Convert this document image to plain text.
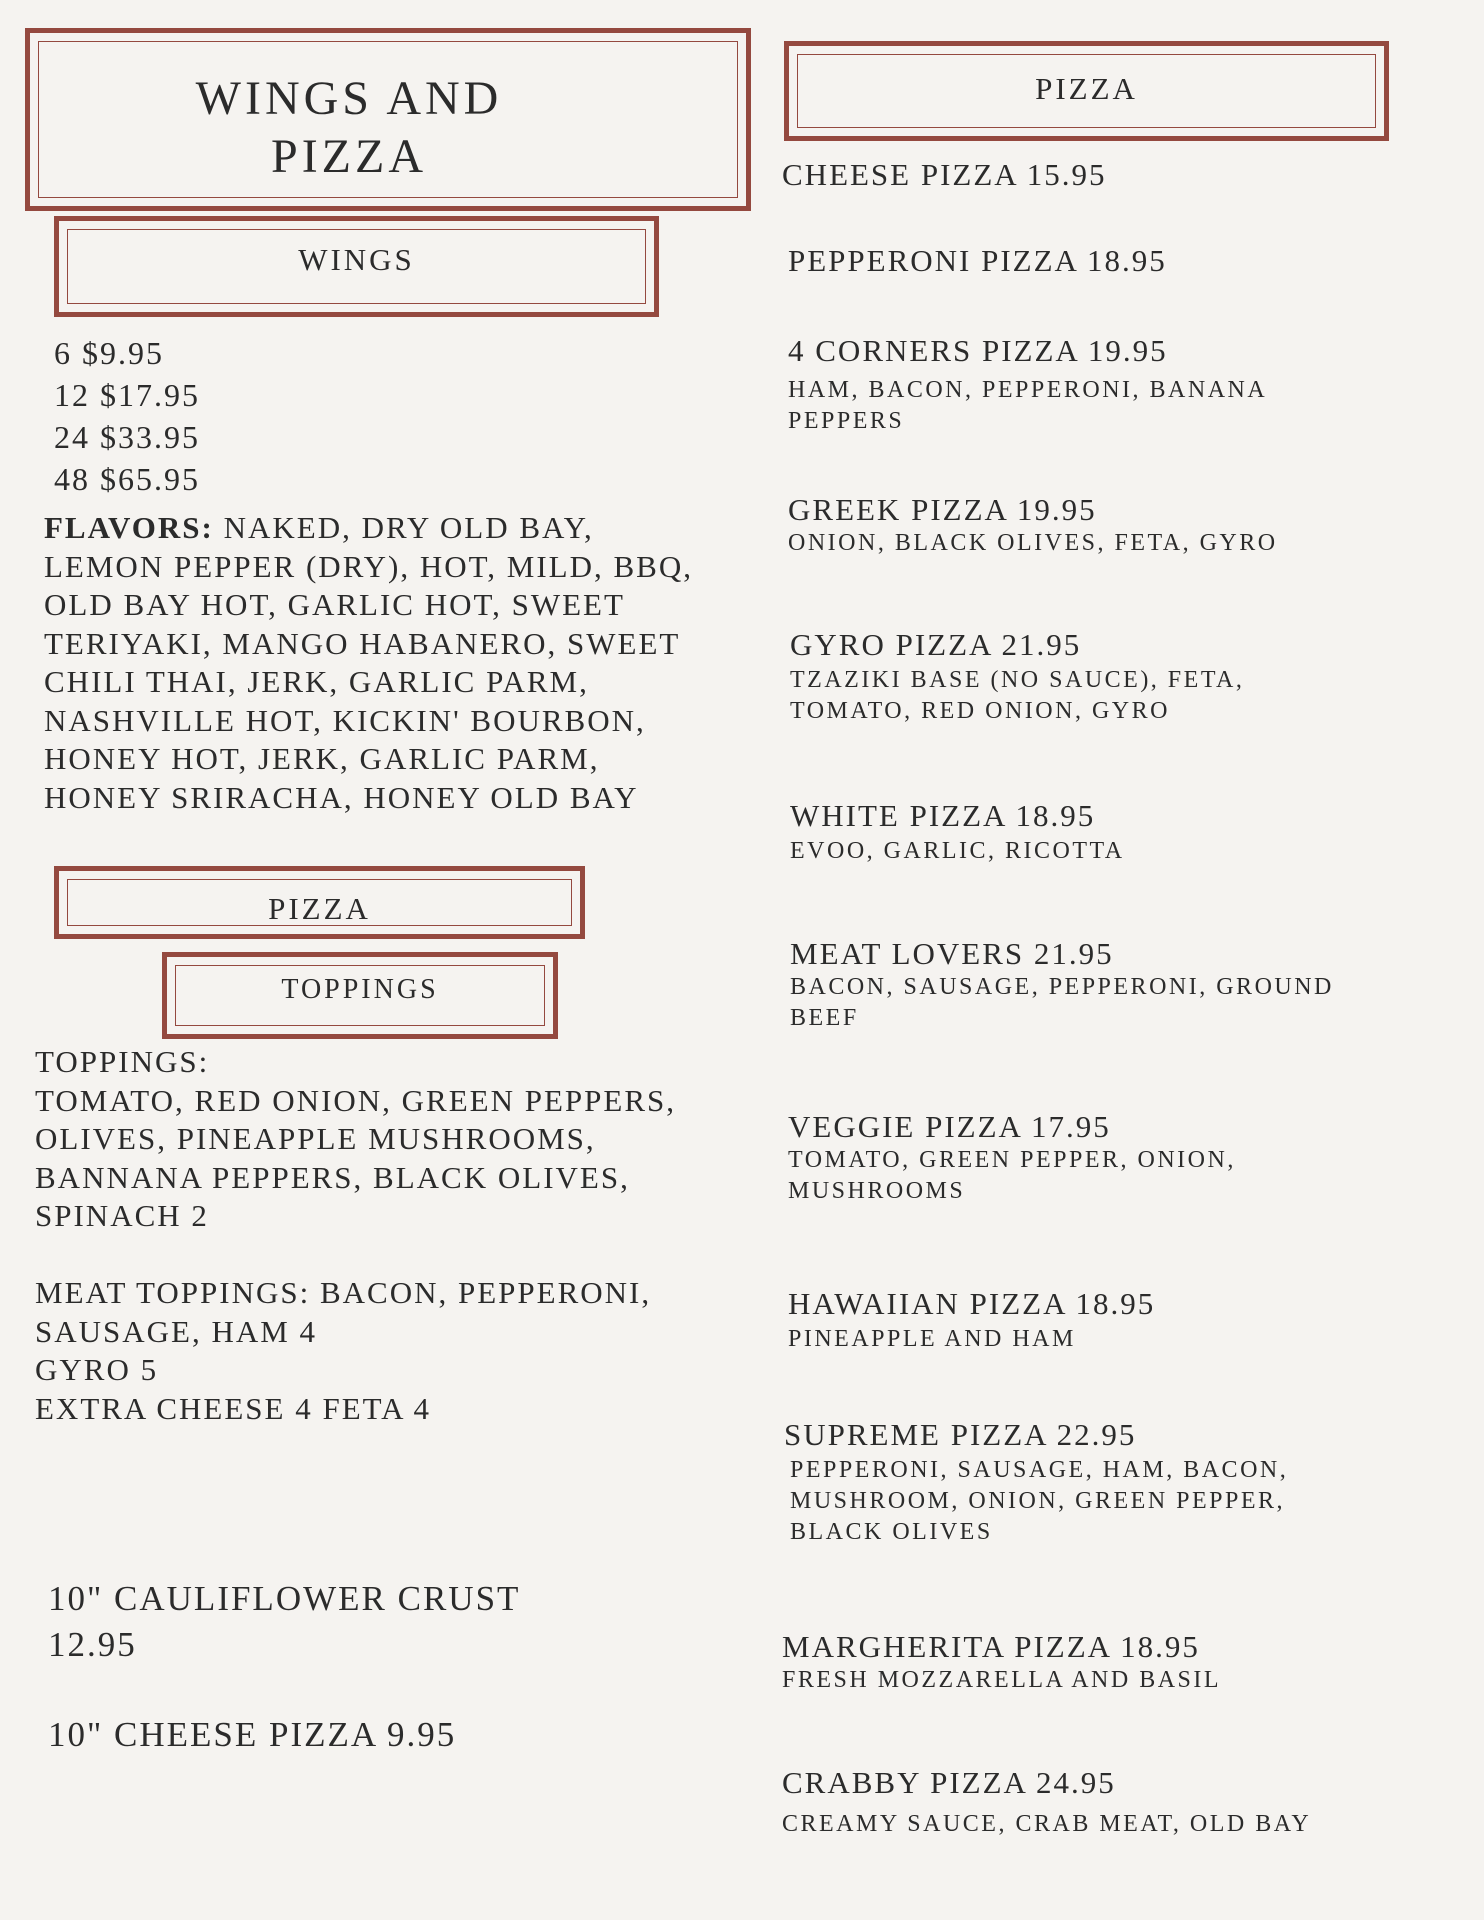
WINGS AND
PIZZA
WINGS
6 $9.95
12 $17.95
24 $33.95
48 $65.95
FLAVORS: NAKED, DRY OLD BAY,
LEMON PEPPER (DRY), HOT, MILD, BBQ,
OLD BAY HOT, GARLIC HOT, SWEET
TERIYAKI, MANGO HABANERO, SWEET
CHILI THAI, JERK, GARLIC PARM,
NASHVILLE HOT, KICKIN' BOURBON,
HONEY HOT, JERK, GARLIC PARM,
HONEY SRIRACHA, HONEY OLD BAY
PIZZA
TOPPINGS
TOPPINGS:
TOMATO, RED ONION, GREEN PEPPERS,
OLIVES, PINEAPPLE MUSHROOMS,
BANNANA PEPPERS, BLACK OLIVES,
SPINACH 2
MEAT TOPPINGS: BACON, PEPPERONI,
SAUSAGE, HAM 4
GYRO 5
EXTRA CHEESE 4 FETA 4
10" CAULIFLOWER CRUST
12.95
10" CHEESE PIZZA 9.95
PIZZA
CHEESE PIZZA 15.95
PEPPERONI PIZZA 18.95
4 CORNERS PIZZA 19.95
HAM, BACON, PEPPERONI, BANANA
PEPPERS
GREEK PIZZA 19.95
ONION, BLACK OLIVES, FETA, GYRO
GYRO PIZZA 21.95
TZAZIKI BASE (NO SAUCE), FETA,
TOMATO, RED ONION, GYRO
WHITE PIZZA 18.95
EVOO, GARLIC, RICOTTA
MEAT LOVERS 21.95
BACON, SAUSAGE, PEPPERONI, GROUND
BEEF
VEGGIE PIZZA 17.95
TOMATO, GREEN PEPPER, ONION,
MUSHROOMS
HAWAIIAN PIZZA 18.95
PINEAPPLE AND HAM
SUPREME PIZZA 22.95
PEPPERONI, SAUSAGE, HAM, BACON,
MUSHROOM, ONION, GREEN PEPPER,
BLACK OLIVES
MARGHERITA PIZZA 18.95
FRESH MOZZARELLA AND BASIL
CRABBY PIZZA 24.95
CREAMY SAUCE, CRAB MEAT, OLD BAY
